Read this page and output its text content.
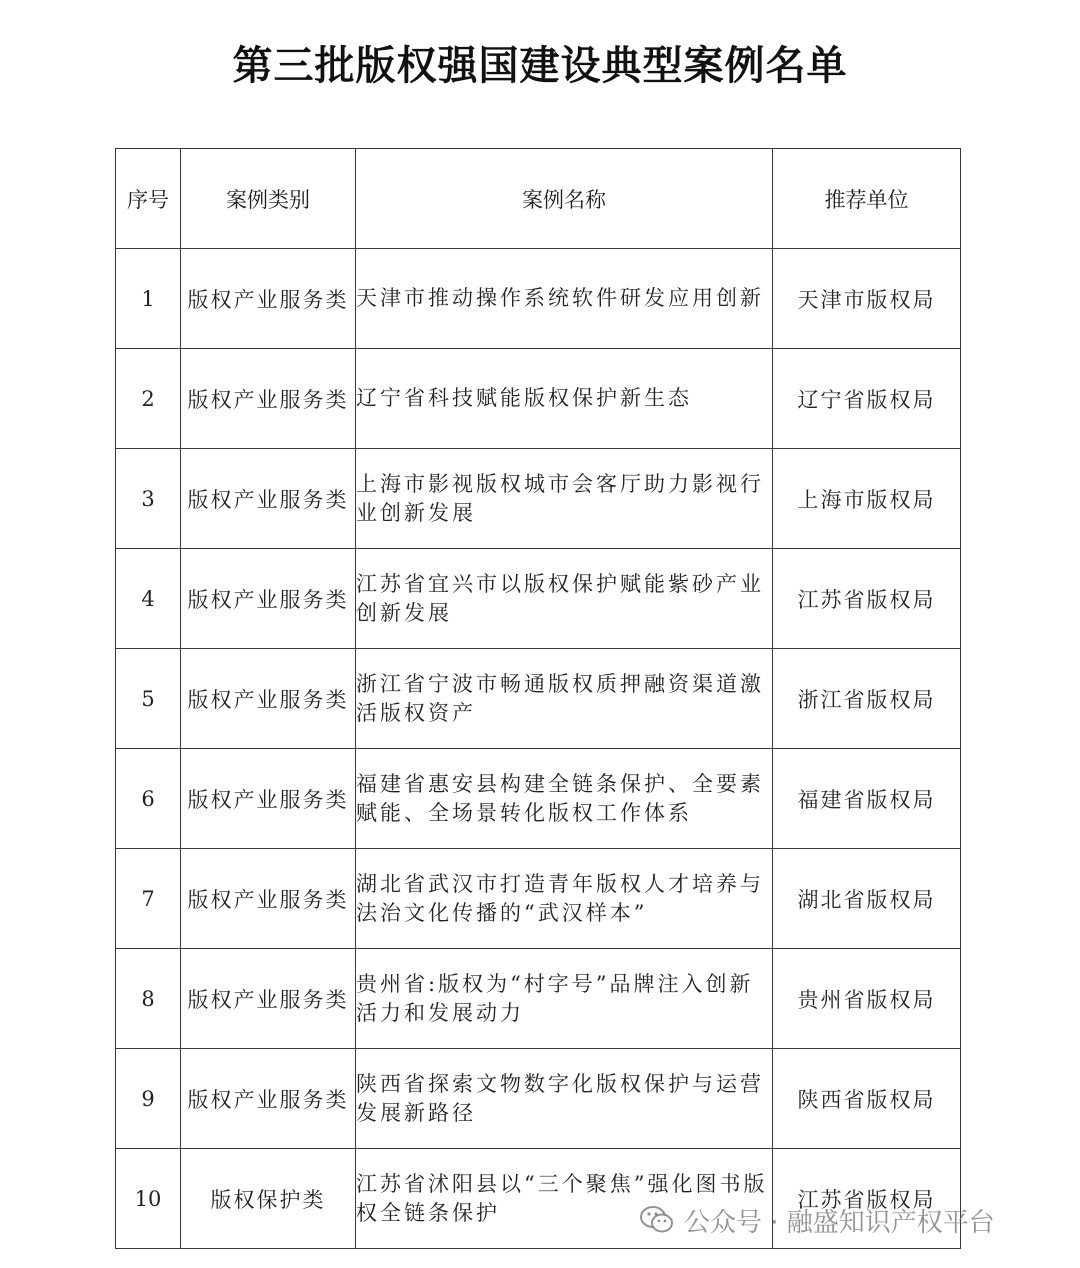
第三批版权强国建设典型案例名单
序号	案例类别	案例名称	推荐单位
1	版权产业服务类	天津市推动操作系统软件研发应用创新	天津市版权局
2	版权产业服务类	辽宁省科技赋能版权保护新生态	辽宁省版权局
3	版权产业服务类	上海市影视版权城市会客厅助力影视行业创新发展	上海市版权局
4	版权产业服务类	江苏省宜兴市以版权保护赋能紫砂产业创新发展	江苏省版权局
5	版权产业服务类	浙江省宁波市畅通版权质押融资渠道激活版权资产	浙江省版权局
6	版权产业服务类	福建省惠安县构建全链条保护、全要素赋能、全场景转化版权工作体系	福建省版权局
7	版权产业服务类	湖北省武汉市打造青年版权人才培养与法治文化传播的“武汉样本”	湖北省版权局
8	版权产业服务类	贵州省:版权为“村字号”品牌注入创新活力和发展动力	贵州省版权局
9	版权产业服务类	陕西省探索文物数字化版权保护与运营发展新路径	陕西省版权局
10	版权保护类	江苏省沭阳县以“三个聚焦”强化图书版权全链条保护	江苏省版权局
公众号 · 融盛知识产权平台
